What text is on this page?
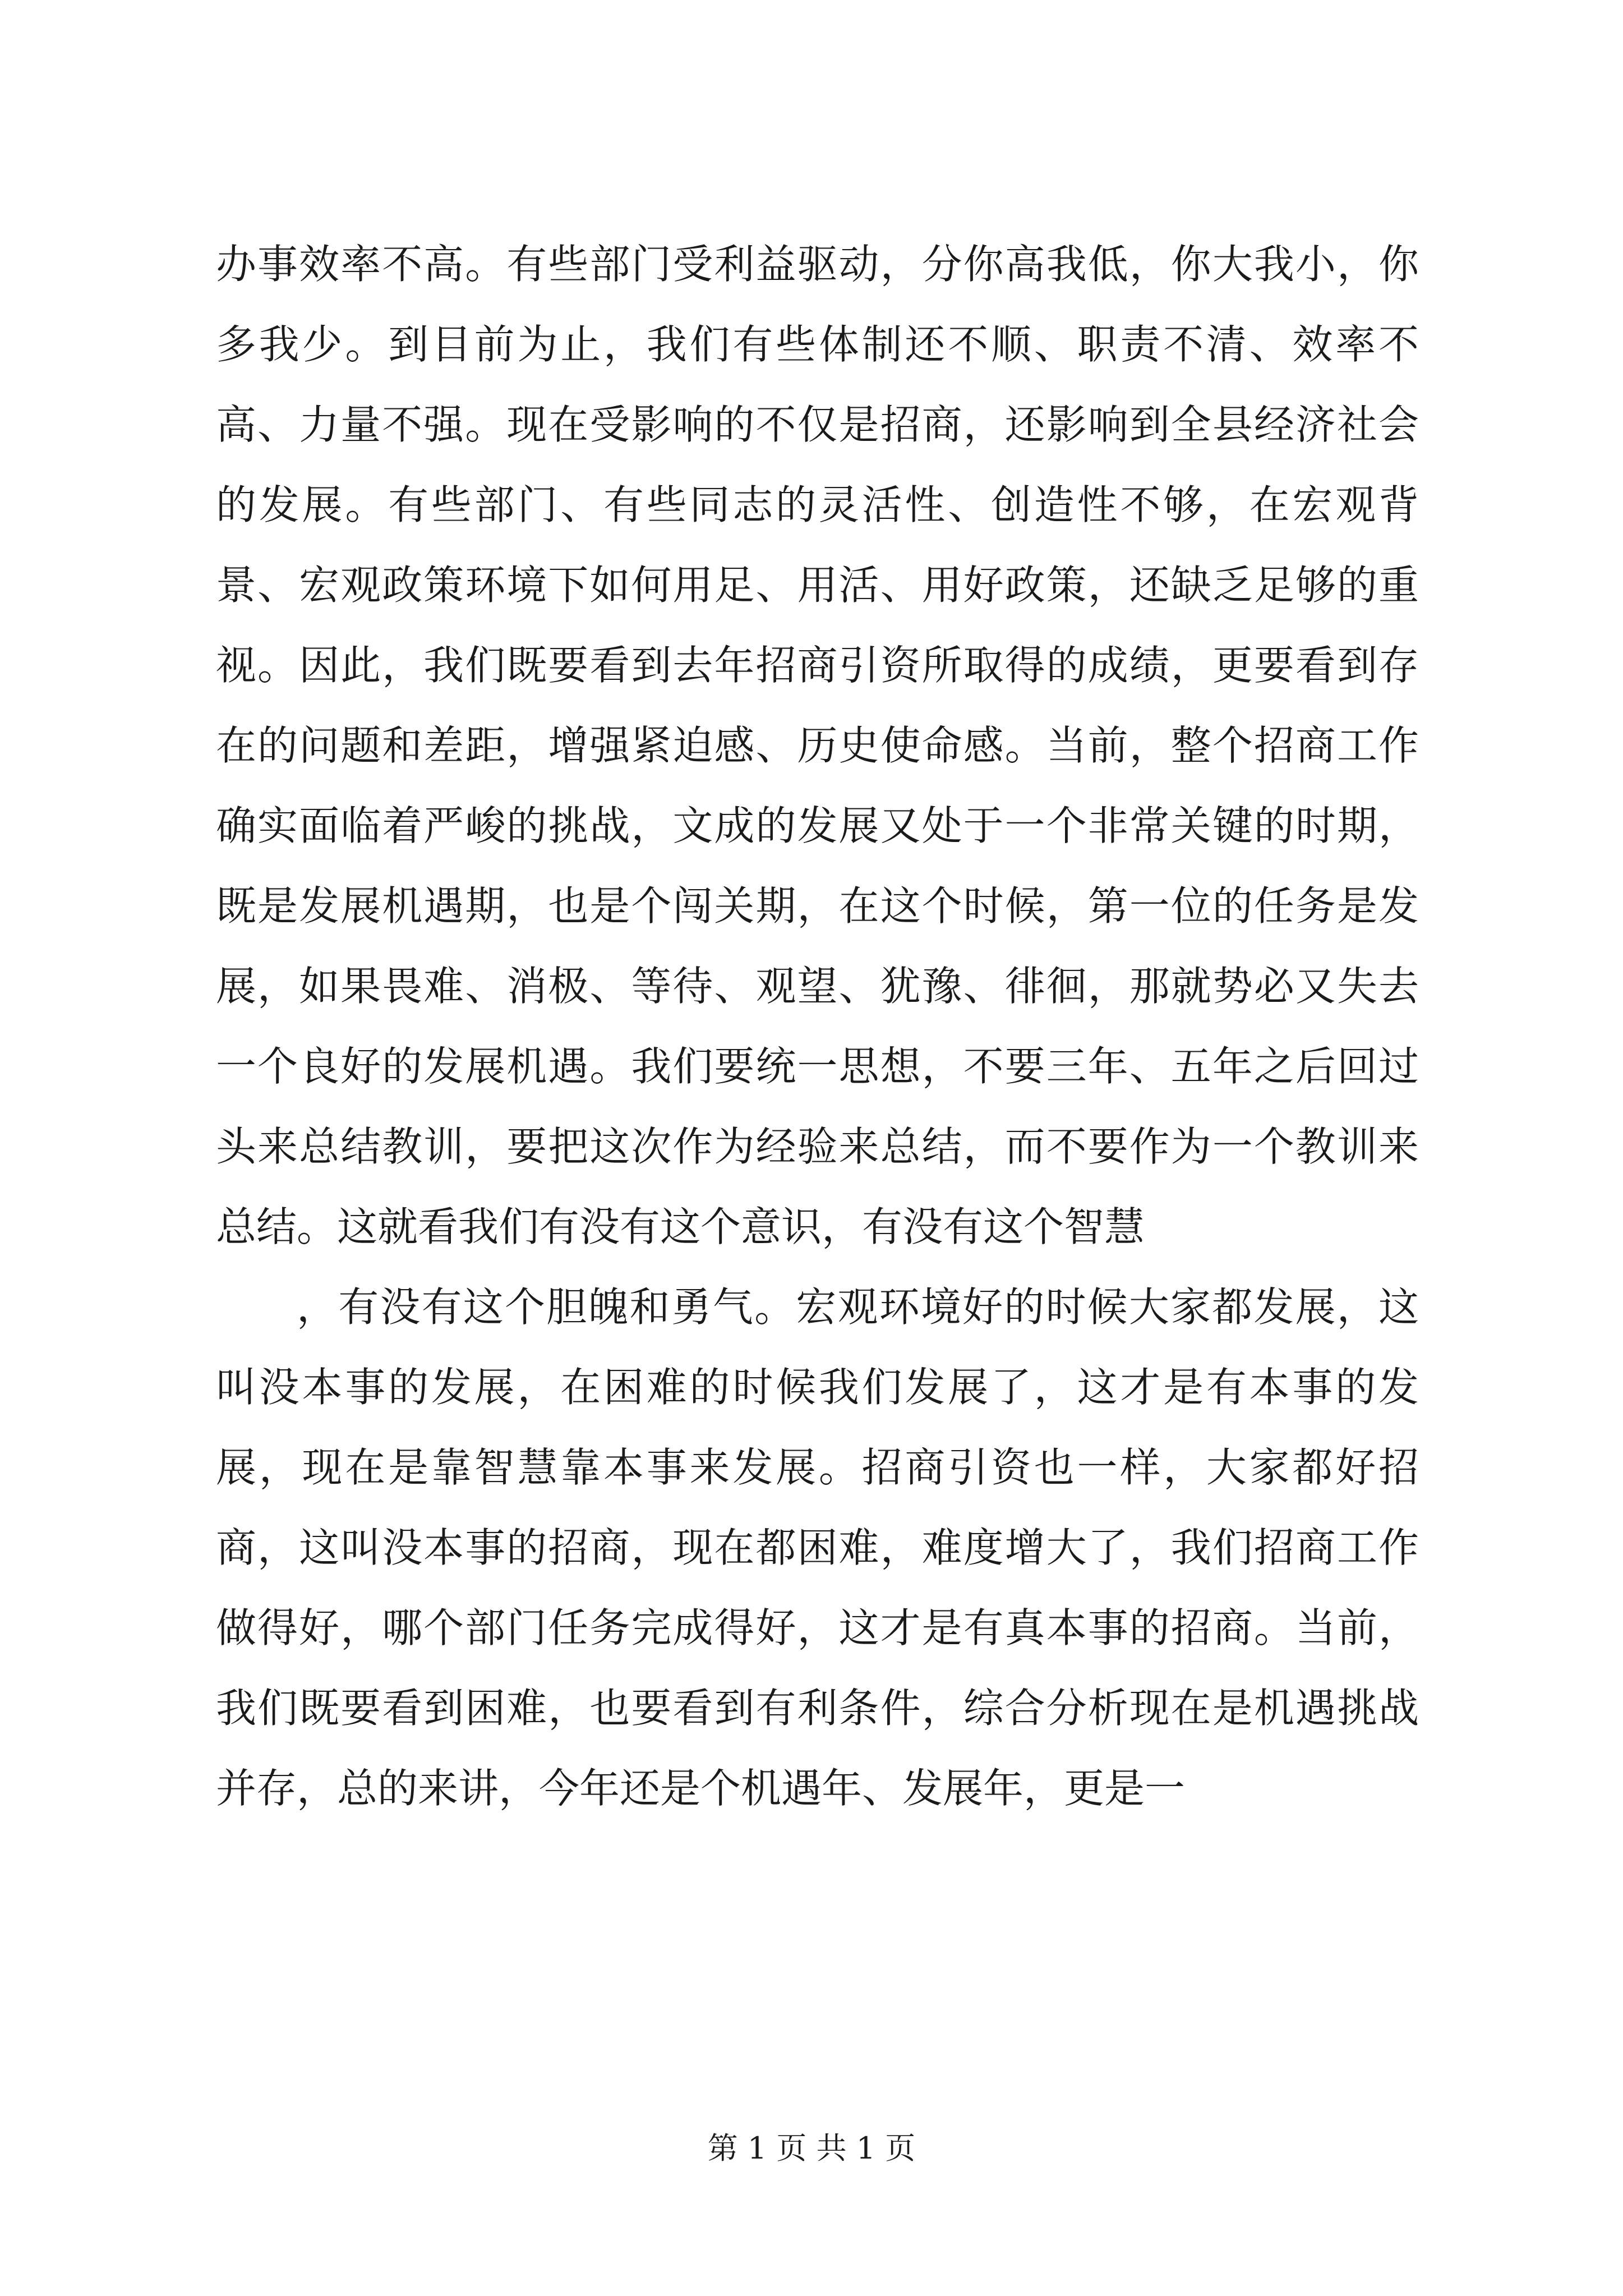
办事效率不高。有些部门受利益驱动，分你高我低，你大我小，你多我少。到目前为止，我们有些体制还不顺、职责不清、效率不高、力量不强。现在受影响的不仅是招商，还影响到全县经济社会的发展。有些部门、有些同志的灵活性、创造性不够，在宏观背景、宏观政策环境下如何用足、用活、用好政策，还缺乏足够的重视。因此，我们既要看到去年招商引资所取得的成绩，更要看到存在的问题和差距，增强紧迫感、历史使命感。当前，整个招商工作确实面临着严峻的挑战，文成的发展又处于一个非常关键的时期，既是发展机遇期，也是个闯关期，在这个时候，第一位的任务是发展，如果畏难、消极、等待、观望、犹豫、徘徊，那就势必又失去一个良好的发展机遇。我们要统一思想，不要三年、五年之后回过头来总结教训，要把这次作为经验来总结，而不要作为一个教训来总结。这就看我们有没有这个意识，有没有这个智慧

，有没有这个胆魄和勇气。宏观环境好的时候大家都发展，这叫没本事的发展，在困难的时候我们发展了，这才是有本事的发展，现在是靠智慧靠本事来发展。招商引资也一样，大家都好招商，这叫没本事的招商，现在都困难，难度增大了，我们招商工作做得好，哪个部门任务完成得好，这才是有真本事的招商。当前，我们既要看到困难，也要看到有利条件，综合分析现在是机遇挑战并存，总的来讲，今年还是个机遇年、发展年，更是一

第 1 页 共 1 页
